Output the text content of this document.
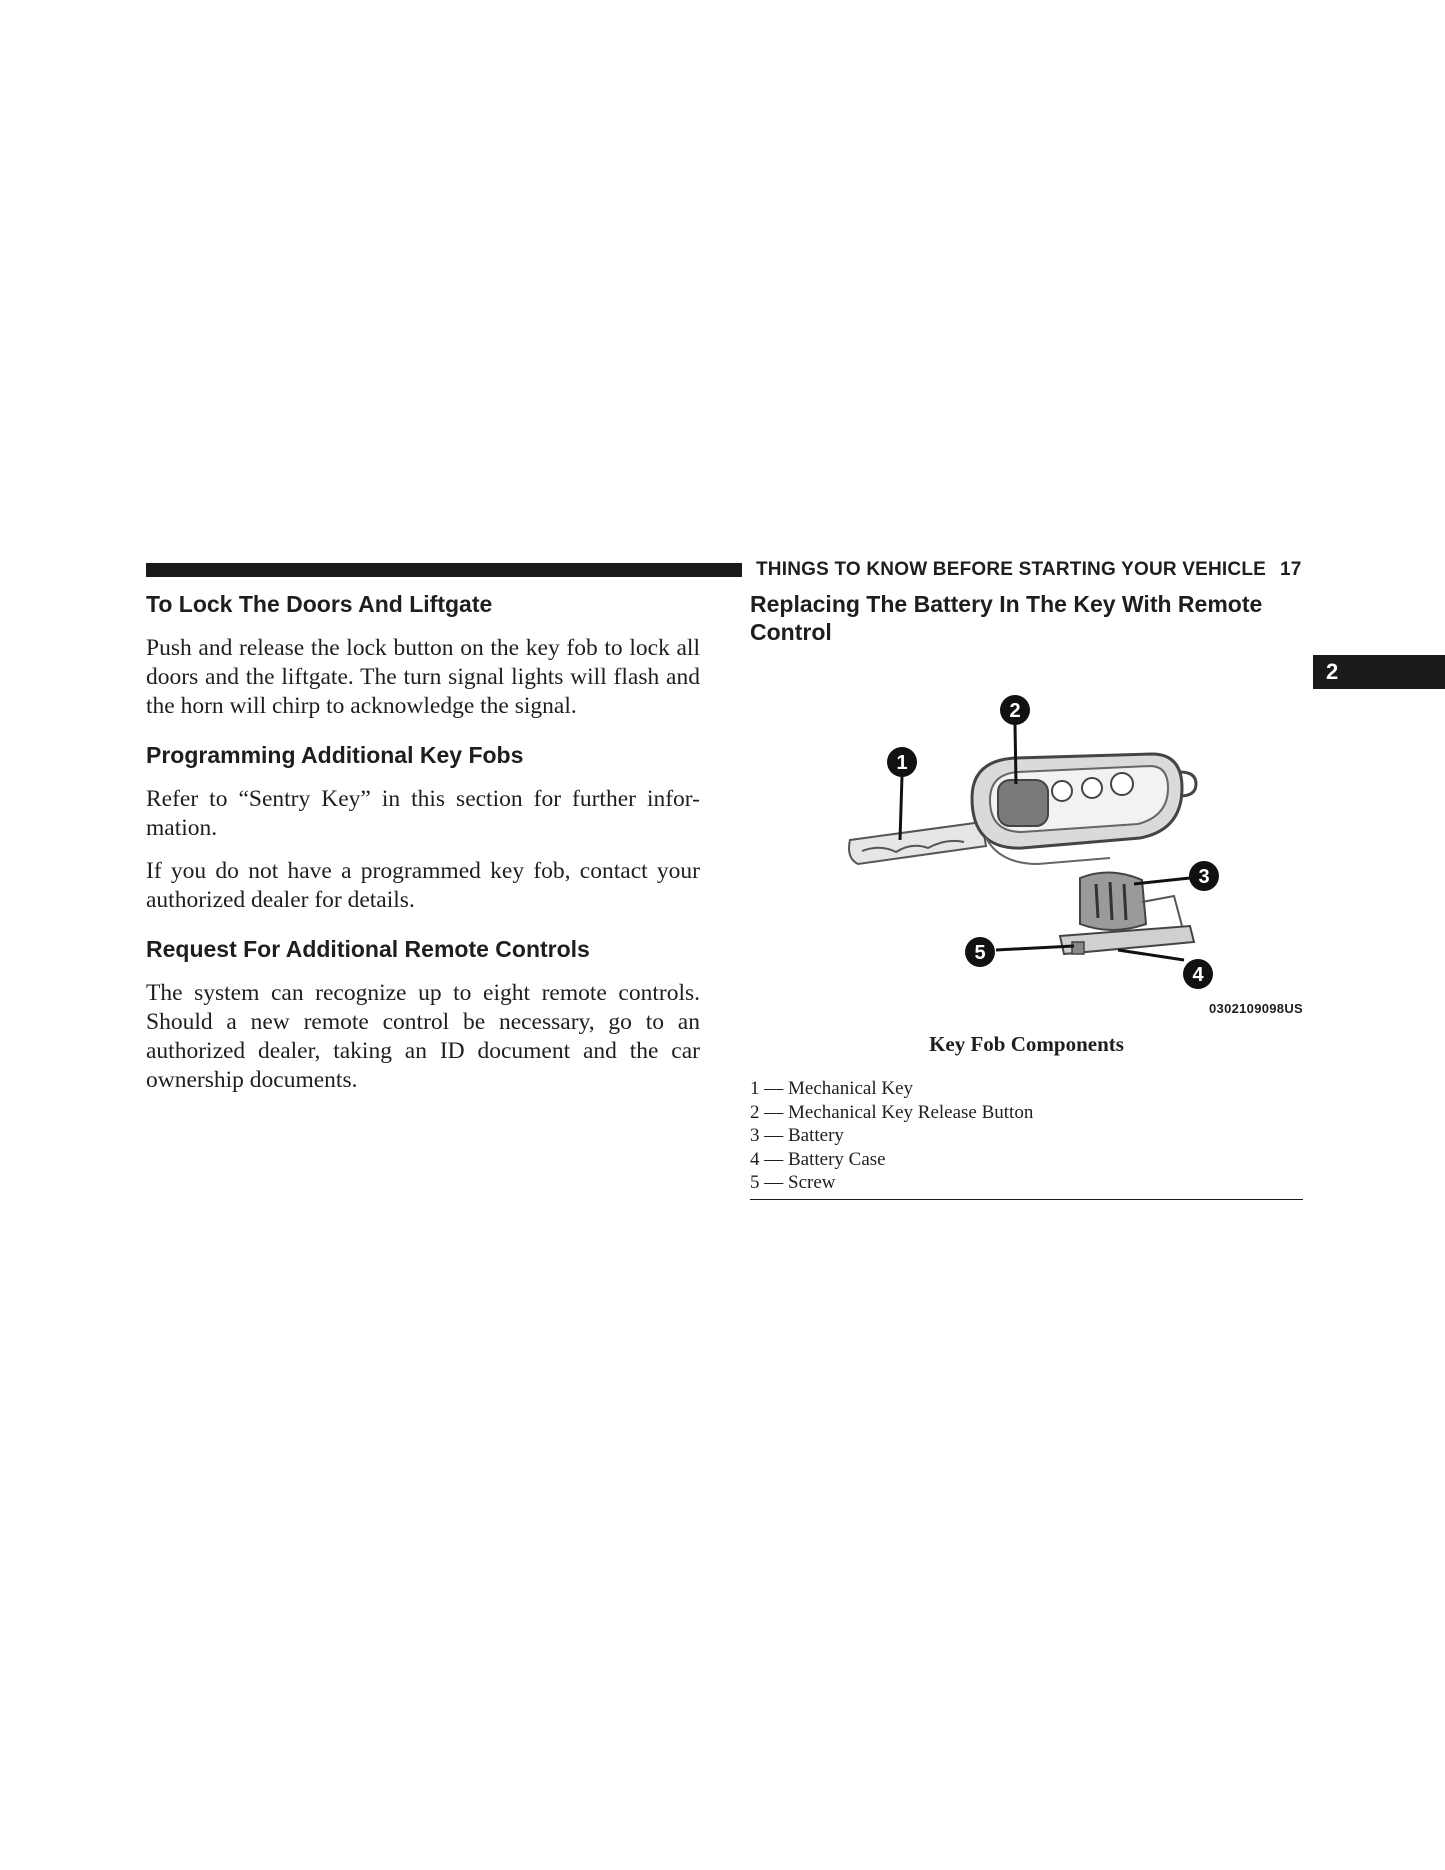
THINGS TO KNOW BEFORE STARTING YOUR VEHICLE 17
2
To Lock The Doors And Liftgate

Push and release the lock button on the key fob to lock all doors and the liftgate. The turn signal lights will flash and the horn will chirp to acknowledge the signal.

Programming Additional Key Fobs

Refer to “Sentry Key” in this section for further infor-mation.

If you do not have a programmed key fob, contact your authorized dealer for details.

Request For Additional Remote Controls

The system can recognize up to eight remote controls. Should a new remote control be necessary, go to an authorized dealer, taking an ID document and the car ownership documents.

Replacing The Battery In The Key With Remote Control
1
2
3
4
5
0302109098US
Key Fob Components
1 — Mechanical Key
2 — Mechanical Key Release Button
3 — Battery
4 — Battery Case
5 — Screw
